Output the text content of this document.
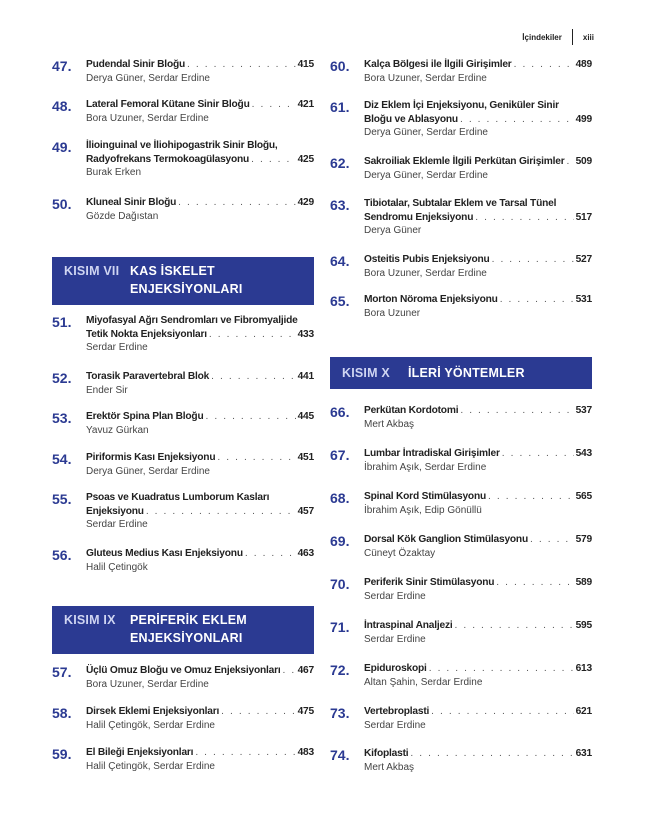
İçindekiler	xiii
47.	Pudendal Sinir Bloğu . . .	415
Derya Güner, Serdar Erdine
48.	Lateral Femoral Kütane Sinir Bloğu . . .	421
Bora Uzuner, Serdar Erdine
49.	İlioinguinal ve İliohipogastrik Sinir Bloğu,
Radyofrekans Termokoagülasyonu . . .	425
Burak Erken
50.	Kluneal Sinir Bloğu . . .	429
Gözde Dağıstan
51.	Miyofasyal Ağrı Sendromları ve Fibromyaljide
Tetik Nokta Enjeksiyonları . . .	433
Serdar Erdine
52.	Torasik Paravertebral Blok . . .	441
Ender Sir
53.	Erektör Spina Plan Bloğu . . .	445
Yavuz Gürkan
54.	Piriformis Kası Enjeksiyonu . . .	451
Derya Güner, Serdar Erdine
55.	Psoas ve Kuadratus Lumborum Kasları
Enjeksiyonu . . .	457
Serdar Erdine
56.	Gluteus Medius Kası Enjeksiyonu . . .	463
Halil Çetingök
57.	Üçlü Omuz Bloğu ve Omuz Enjeksiyonları . . . 467
Bora Uzuner, Serdar Erdine
58.	Dirsek Eklemi Enjeksiyonları . . .	475
Halil Çetingök, Serdar Erdine
59.	El Bileği Enjeksiyonları . . .	483
Halil Çetingök, Serdar Erdine
KISIM VII KAS İSKELET
ENJEKSİYONLARI
KISIM IX	PERİFERİK EKLEM
ENJEKSİYONLARI
60.	Kalça Bölgesi ile İlgili Girişimler . . .	489
Bora Uzuner, Serdar Erdine
61.	Diz Eklem İçi Enjeksiyonu, Geniküler Sinir
Bloğu ve Ablasyonu . . .	499
Derya Güner, Serdar Erdine
62.	Sakroiliak Eklemle İlgili Perkütan Girişimler . . . 509
Derya Güner, Serdar Erdine
63.	Tibiotalar, Subtalar Eklem ve Tarsal Tünel
Sendromu Enjeksiyonu . . .	517
Derya Güner
64.	Osteitis Pubis Enjeksiyonu . . .	527
Bora Uzuner, Serdar Erdine
65.	Morton Nöroma Enjeksiyonu . . .	531
Bora Uzuner
66.	Perkütan Kordotomi . . .	537
Mert Akbaş
67.	Lumbar İntradiskal Girişimler . . .	543
İbrahim Aşık, Serdar Erdine
68.	Spinal Kord Stimülasyonu . . .	565
İbrahim Aşık, Edip Gönüllü
69.	Dorsal Kök Ganglion Stimülasyonu . . .	579
Cüneyt Özaktay
70.	Periferik Sinir Stimülasyonu . . .	589
Serdar Erdine
71.	İntraspinal Analjezi . . .	595
Serdar Erdine
72.	Epiduroskopi . . .	613
Altan Şahin, Serdar Erdine
73.	Vertebroplasti . . .	621
Serdar Erdine
74.	Kifoplasti . . .	631
Mert Akbaş
KISIM X	İLERİ YÖNTEMLER
